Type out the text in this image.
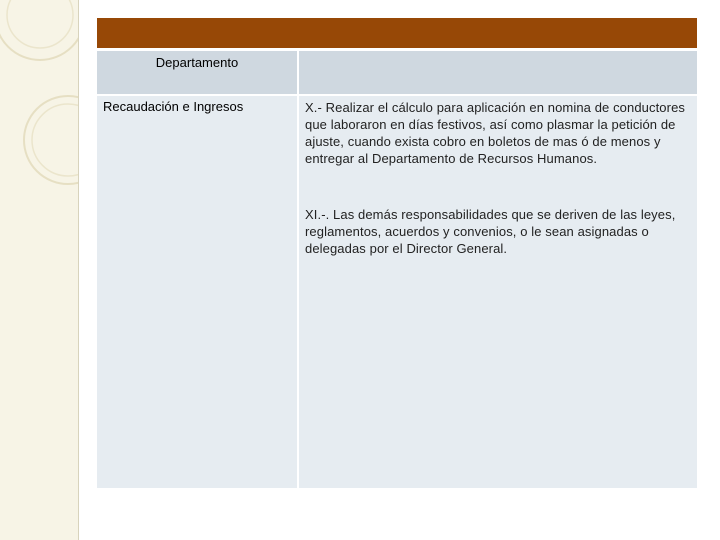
Departamento
Recaudación e Ingresos	X.- Realizar el cálculo para aplicación en nomina de conductores que laboraron en días festivos, así como plasmar la petición de ajuste, cuando exista cobro en boletos de mas ó de menos y entregar al Departamento de Recursos Humanos.

XI.-. Las demás responsabilidades que se deriven de las leyes, reglamentos, acuerdos y convenios, o le sean asignadas o delegadas por el Director General.
